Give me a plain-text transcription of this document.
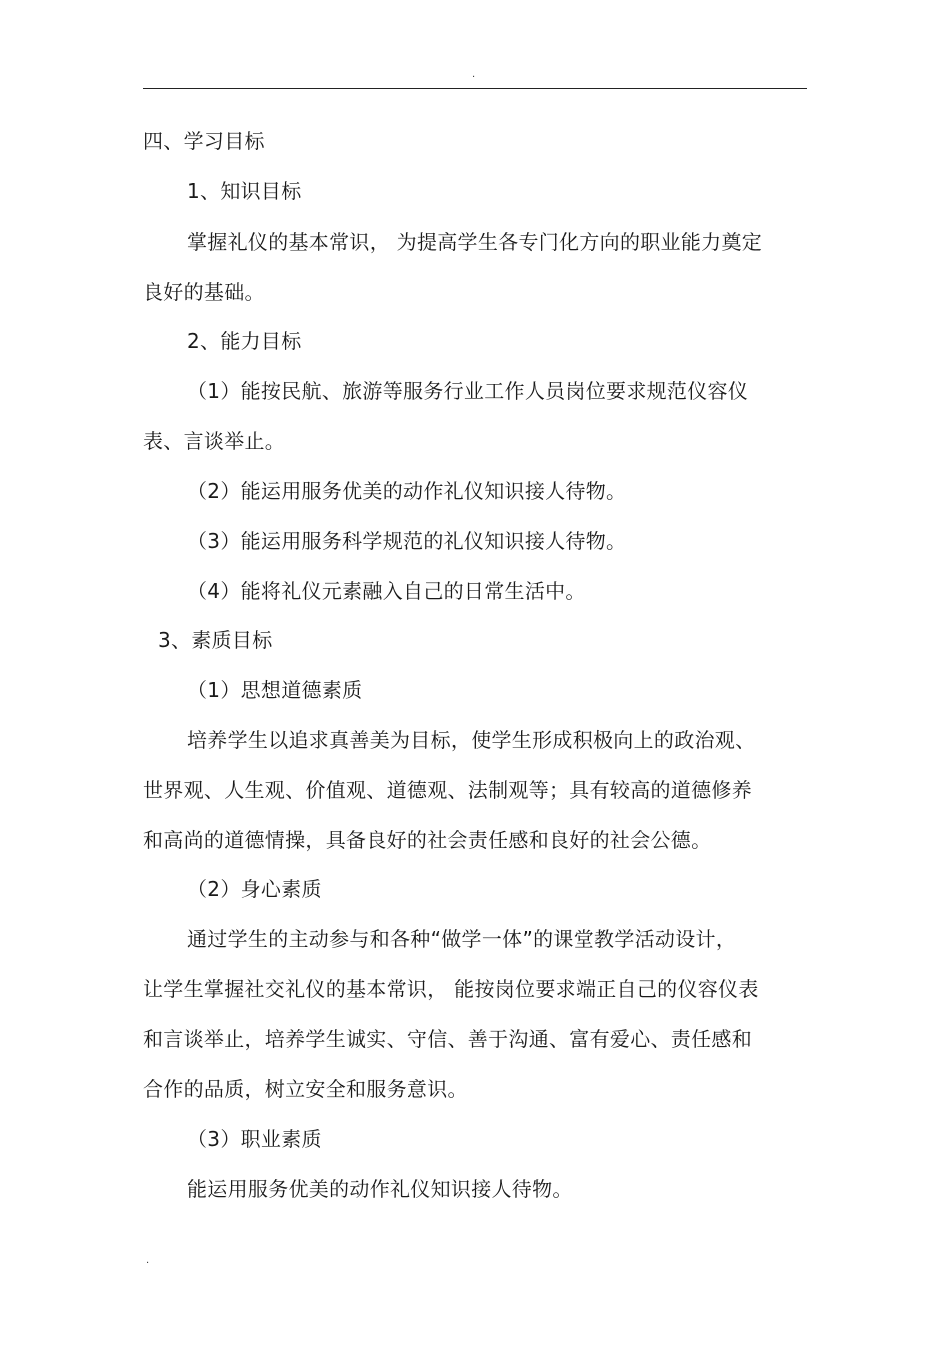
.
四、学习目标
1、知识目标
掌握礼仪的基本常识， 为提高学生各专门化方向的职业能力奠定
良好的基础。
2、能力目标
（1）能按民航、旅游等服务行业工作人员岗位要求规范仪容仪
表、言谈举止。
（2）能运用服务优美的动作礼仪知识接人待物。
（3）能运用服务科学规范的礼仪知识接人待物。
（4）能将礼仪元素融入自己的日常生活中。
3、素质目标
（1）思想道德素质
培养学生以追求真善美为目标，使学生形成积极向上的政治观、
世界观、人生观、价值观、道德观、法制观等；具有较高的道德修养
和高尚的道德情操，具备良好的社会责任感和良好的社会公德。
（2）身心素质
通过学生的主动参与和各种“做学一体”的课堂教学活动设计，
让学生掌握社交礼仪的基本常识， 能按岗位要求端正自己的仪容仪表
和言谈举止，培养学生诚实、守信、善于沟通、富有爱心、责任感和
合作的品质，树立安全和服务意识。
（3）职业素质
能运用服务优美的动作礼仪知识接人待物。
.
